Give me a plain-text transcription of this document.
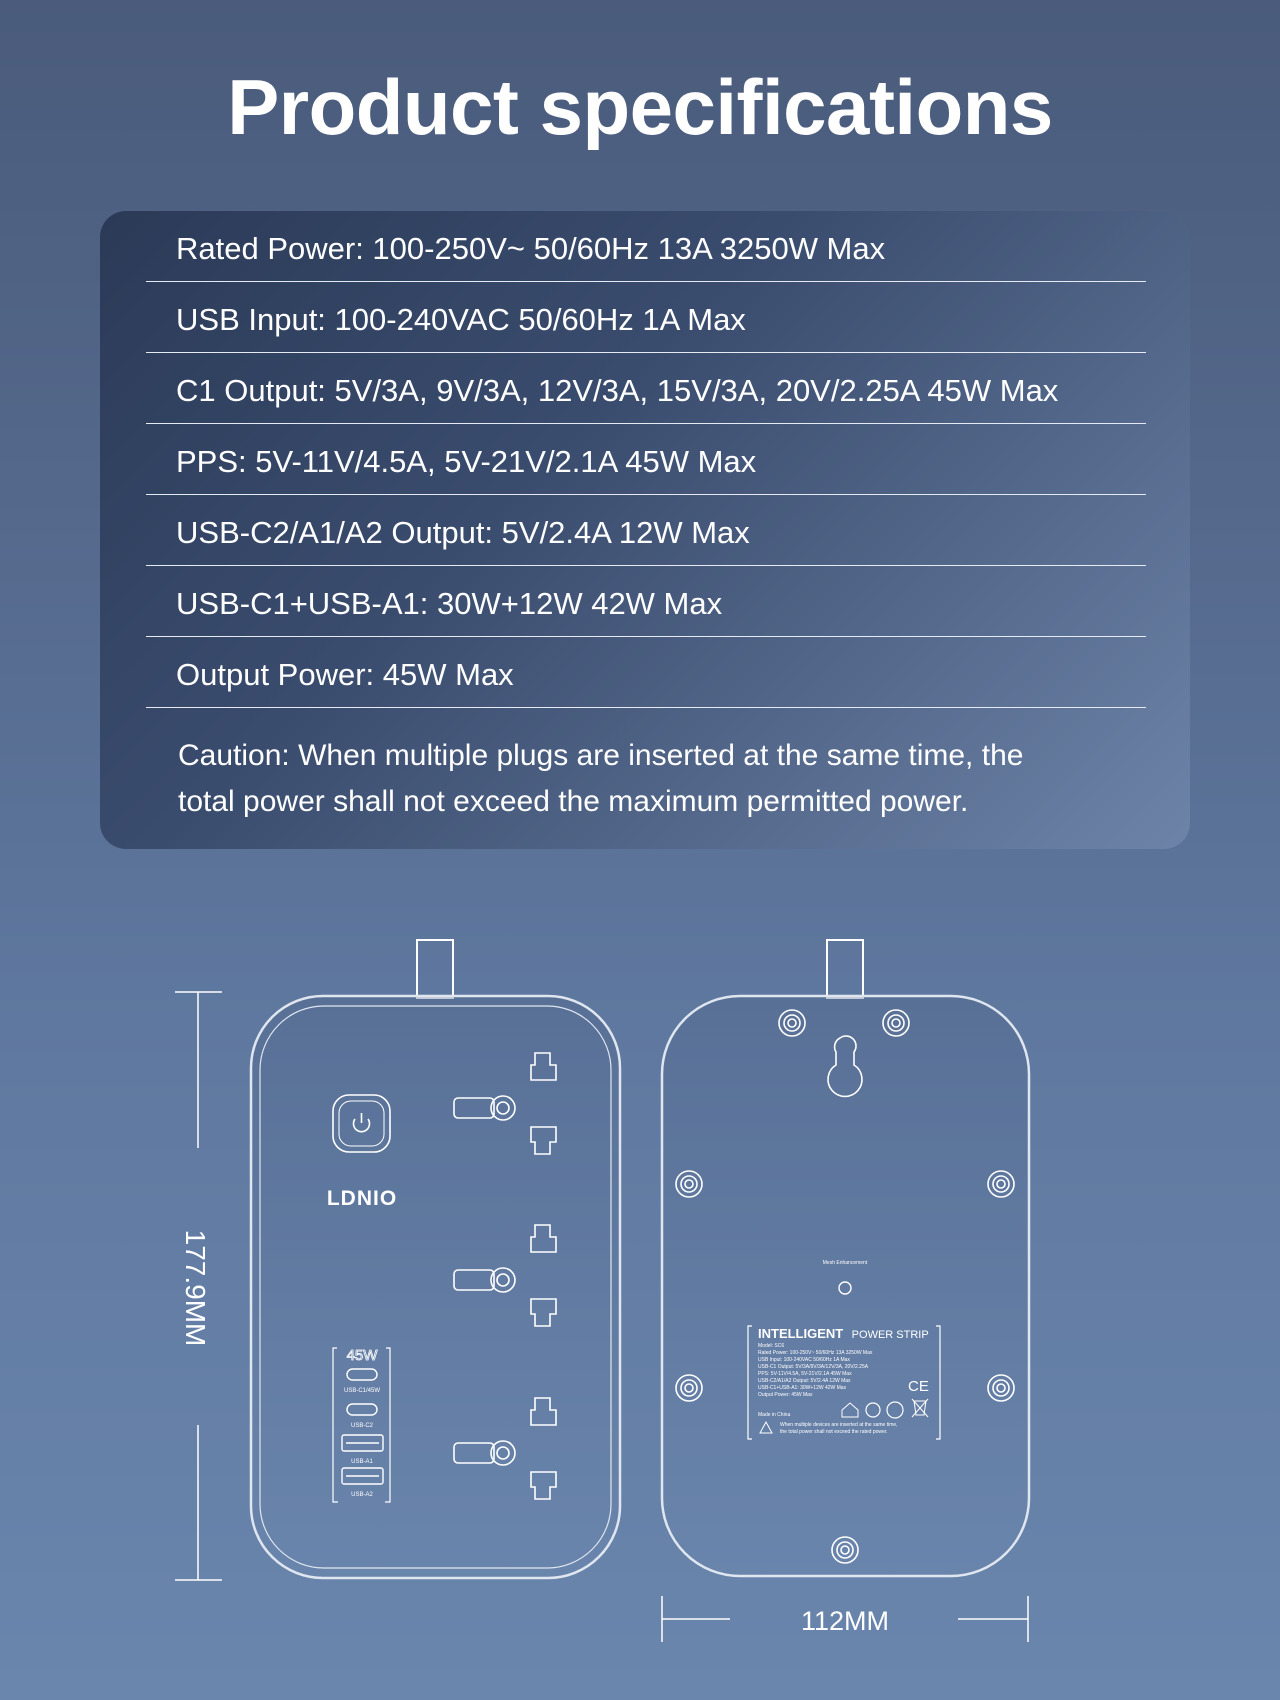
Product specifications
Rated Power: 100-250V~ 50/60Hz 13A 3250W Max
USB Input: 100-240VAC 50/60Hz 1A Max
C1 Output: 5V/3A, 9V/3A, 12V/3A, 15V/3A, 20V/2.25A 45W Max
PPS: 5V-11V/4.5A, 5V-21V/2.1A 45W Max
USB-C2/A1/A2 Output: 5V/2.4A 12W Max
USB-C1+USB-A1: 30W+12W 42W Max
Output Power: 45W Max
Caution: When multiple plugs are inserted at the same time, the
total power shall not exceed the maximum permitted power.
177.9MM
LDNIO
45W
USB-C1/45W
USB-C2
USB-A1
USB-A2
Mesh Enhancement
INTELLIGENT POWER STRIP
Model: SC6
Rated Power: 100-250V~ 50/60Hz 13A 3250W Max
USB Input: 100-240VAC 50/60Hz 1A Max
USB-C1 Output: 5V/3A/9V/3A/12V/3A, 20V/2.25A
PPS: 5V-11V/4.5A, 5V-21V/2.1A 45W Max
USB-C2/A1/A2 Output: 5V/2.4A 12W Max
USB-C1+USB-A1: 30W+12W 42W Max
Output Power: 45W Max
Made in China
When multiple devices are inserted at the same time,
the total power shall not exceed the rated power.
CE
112MM
